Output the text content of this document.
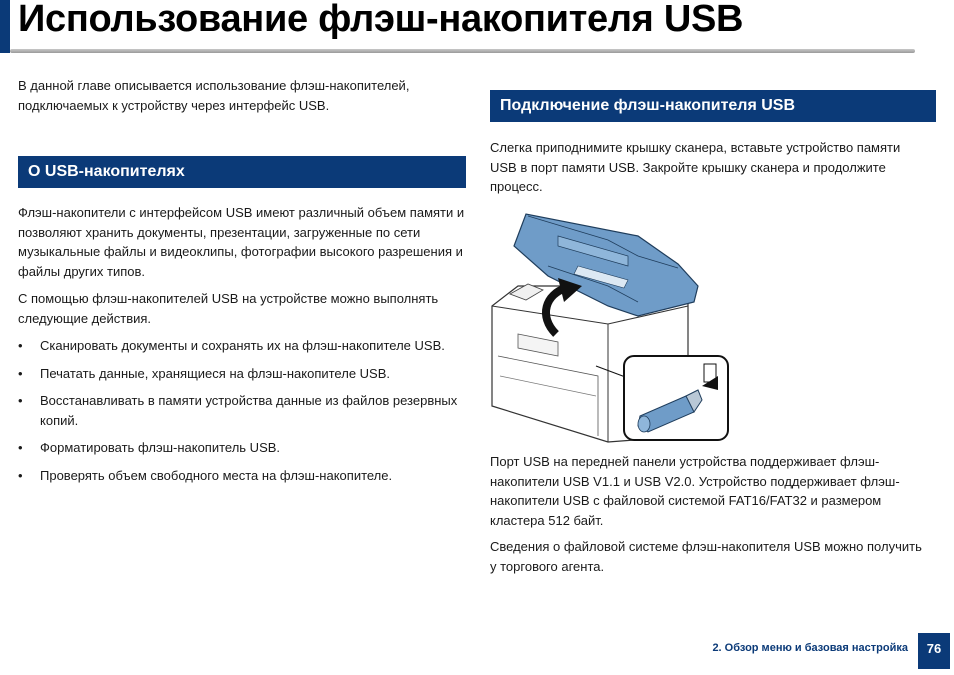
Использование флэш-накопителя USB

В данной главе описывается использование флэш-накопителей, подключаемых к устройству через интерфейс USB.

О USB-накопителях

Флэш-накопители с интерфейсом USB имеют различный объем памяти и позволяют хранить документы, презентации, загруженные по сети музыкальные файлы и видеоклипы, фотографии высокого разрешения и файлы других типов.

С помощью флэш-накопителей USB на устройстве можно выполнять следующие действия.

• Сканировать документы и сохранять их на флэш-накопителе USB.
• Печатать данные, хранящиеся на флэш-накопителе USB.
• Восстанавливать в памяти устройства данные из файлов резервных копий.
• Форматировать флэш-накопитель USB.
• Проверять объем свободного места на флэш-накопителе.
Подключение флэш-накопителя USB

Слегка приподнимите крышку сканера, вставьте устройство памяти USB в порт памяти USB. Закройте крышку сканера и продолжите процесс.

Порт USB на передней панели устройства поддерживает флэш-накопители USB V1.1 и USB V2.0. Устройство поддерживает флэш-накопители USB с файловой системой FAT16/FAT32 и размером кластера 512 байт.

Сведения о файловой системе флэш-накопителя USB можно получить у торгового агента.

2. Обзор меню и базовая настройка	76
